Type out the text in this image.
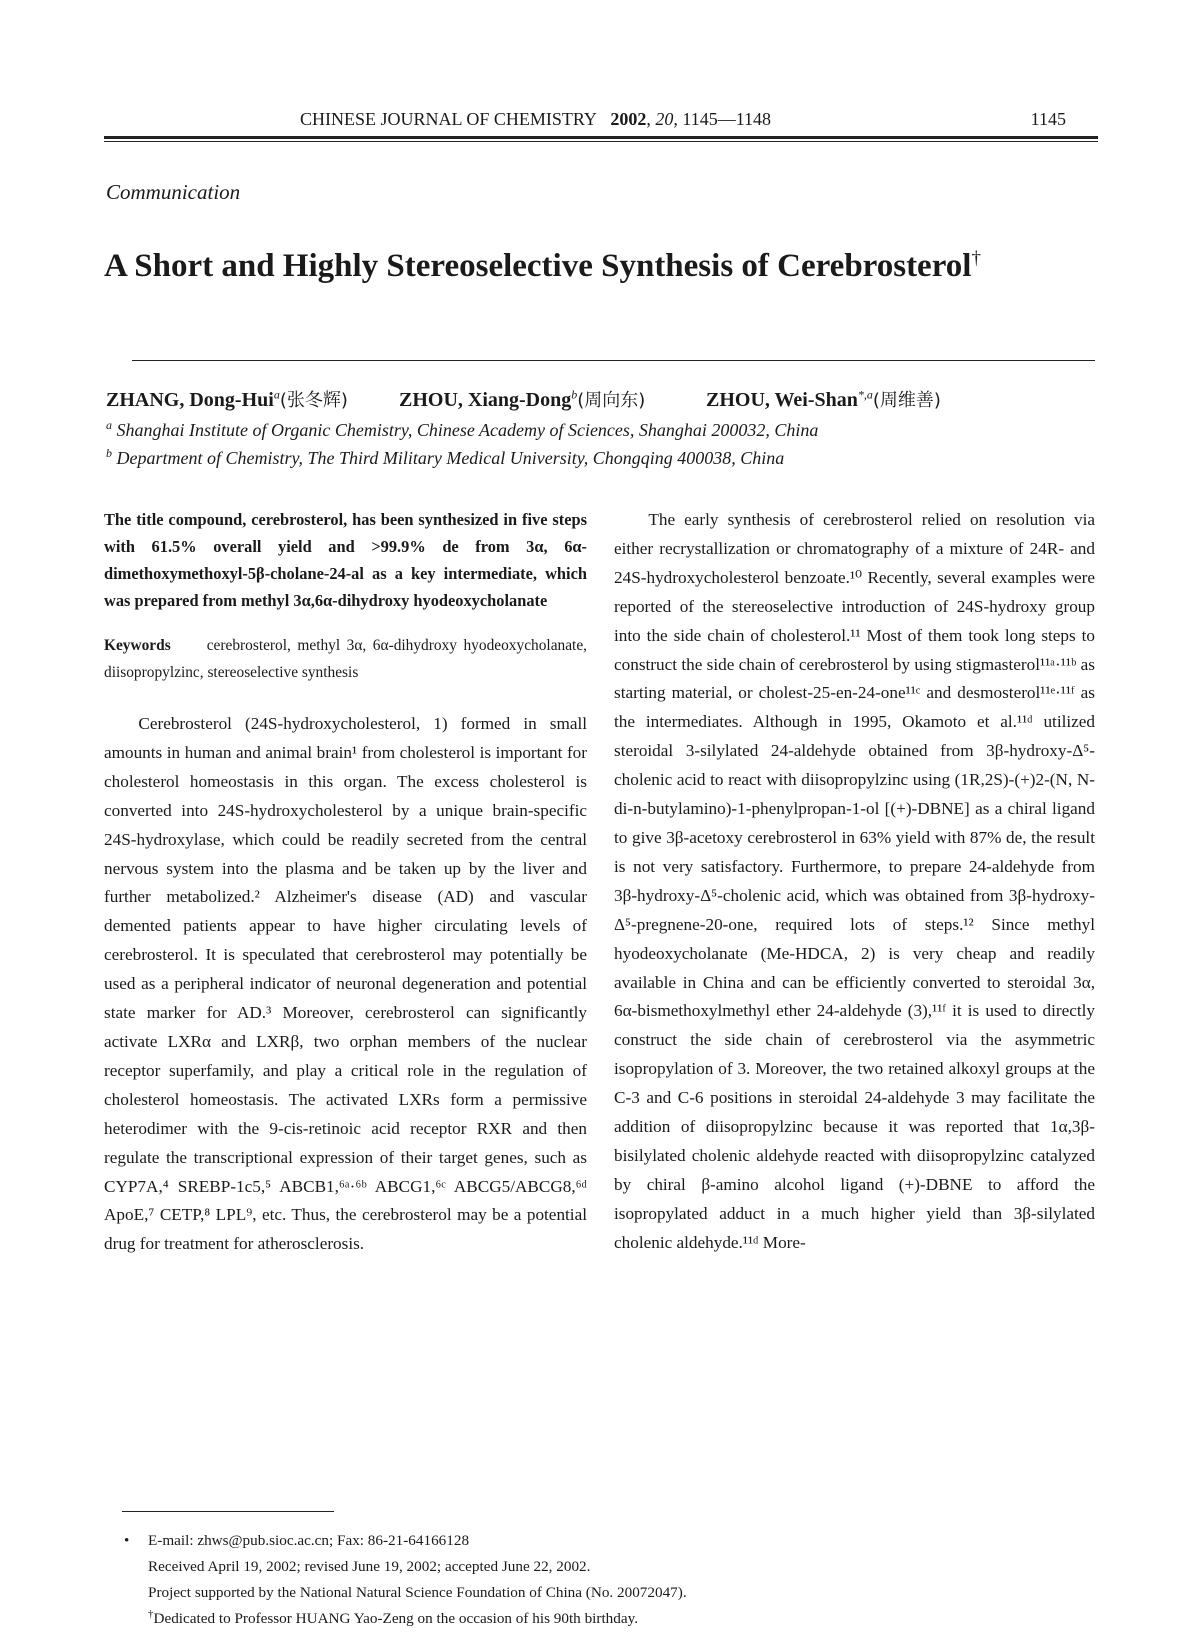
CHINESE JOURNAL OF CHEMISTRY 2002, 20, 1145—1148	1145
Communication
A Short and Highly Stereoselective Synthesis of Cerebrosterol†
ZHANG, Dong-Hui$^a$(张冬辉)	ZHOU, Xiang-Dong$^b$(周向东)	ZHOU, Wei-Shan$^{*,a}$(周维善)
$^a$ Shanghai Institute of Organic Chemistry, Chinese Academy of Sciences, Shanghai 200032, China
$^b$ Department of Chemistry, The Third Military Medical University, Chongqing 400038, China

The title compound, cerebrosterol, has been synthesized in five steps with 61.5% overall yield and >99.9% de from 3α, 6α-dimethoxymethoxyl-5β-cholane-24-al as a key intermediate, which was prepared from methyl 3α,6α-dihydroxy hyodeoxycholanate

Keywords cerebrosterol, methyl 3α, 6α-dihydroxy hyodeoxycholanate, diisopropylzinc, stereoselective synthesis

Cerebrosterol (24S-hydroxycholesterol, 1) formed in small amounts in human and animal brain¹ from cholesterol is important for cholesterol homeostasis in this organ. The excess cholesterol is converted into 24S-hydroxycholesterol by a unique brain-specific 24S-hydroxylase, which could be readily secreted from the central nervous system into the plasma and be taken up by the liver and further metabolized.² Alzheimer's disease (AD) and vascular demented patients appear to have higher circulating levels of cerebrosterol. It is speculated that cerebrosterol may potentially be used as a peripheral indicator of neuronal degeneration and potential state marker for AD.³ Moreover, cerebrosterol can significantly activate LXRα and LXRβ, two orphan members of the nuclear receptor superfamily, and play a critical role in the regulation of cholesterol homeostasis. The activated LXRs form a permissive heterodimer with the 9-cis-retinoic acid receptor RXR and then regulate the transcriptional expression of their target genes, such as CYP7A,⁴ SREBP-1c5,⁵ ABCB1,⁶ᵃ·⁶ᵇ ABCG1,⁶ᶜ ABCG5/ABCG8,⁶ᵈ ApoE,⁷ CETP,⁸ LPL⁹, etc. Thus, the cerebrosterol may be a potential drug for treatment for atherosclerosis.

The early synthesis of cerebrosterol relied on resolution via either recrystallization or chromatography of a mixture of 24R- and 24S-hydroxycholesterol benzoate.¹⁰ Recently, several examples were reported of the stereoselective introduction of 24S-hydroxy group into the side chain of cholesterol.¹¹ Most of them took long steps to construct the side chain of cerebrosterol by using stigmasterol¹¹ᵃ·¹¹ᵇ as starting material, or cholest-25-en-24-one¹¹ᶜ and desmosterol¹¹ᵉ·¹¹ᶠ as the intermediates. Although in 1995, Okamoto et al.¹¹ᵈ utilized steroidal 3-silylated 24-aldehyde obtained from 3β-hydroxy-Δ⁵-cholenic acid to react with diisopropylzinc using (1R,2S)-(+)2-(N, N-di-n-butylamino)-1-phenylpropan-1-ol [(+)-DBNE] as a chiral ligand to give 3β-acetoxy cerebrosterol in 63% yield with 87% de, the result is not very satisfactory. Furthermore, to prepare 24-aldehyde from 3β-hydroxy-Δ⁵-cholenic acid, which was obtained from 3β-hydroxy-Δ⁵-pregnene-20-one, required lots of steps.¹² Since methyl hyodeoxycholanate (Me-HDCA, 2) is very cheap and readily available in China and can be efficiently converted to steroidal 3α, 6α-bismethoxylmethyl ether 24-aldehyde (3),¹¹ᶠ it is used to directly construct the side chain of cerebrosterol via the asymmetric isopropylation of 3. Moreover, the two retained alkoxyl groups at the C-3 and C-6 positions in steroidal 24-aldehyde 3 may facilitate the addition of diisopropylzinc because it was reported that 1α,3β-bisilylated cholenic aldehyde reacted with diisopropylzinc catalyzed by chiral β-amino alcohol ligand (+)-DBNE to afford the isopropylated adduct in a much higher yield than 3β-silylated cholenic aldehyde.¹¹ᵈ More-

• E-mail: zhws@pub.sioc.ac.cn; Fax: 86-21-64166128
Received April 19, 2002; revised June 19, 2002; accepted June 22, 2002.
Project supported by the National Natural Science Foundation of China (No. 20072047).
†Dedicated to Professor HUANG Yao-Zeng on the occasion of his 90th birthday.
